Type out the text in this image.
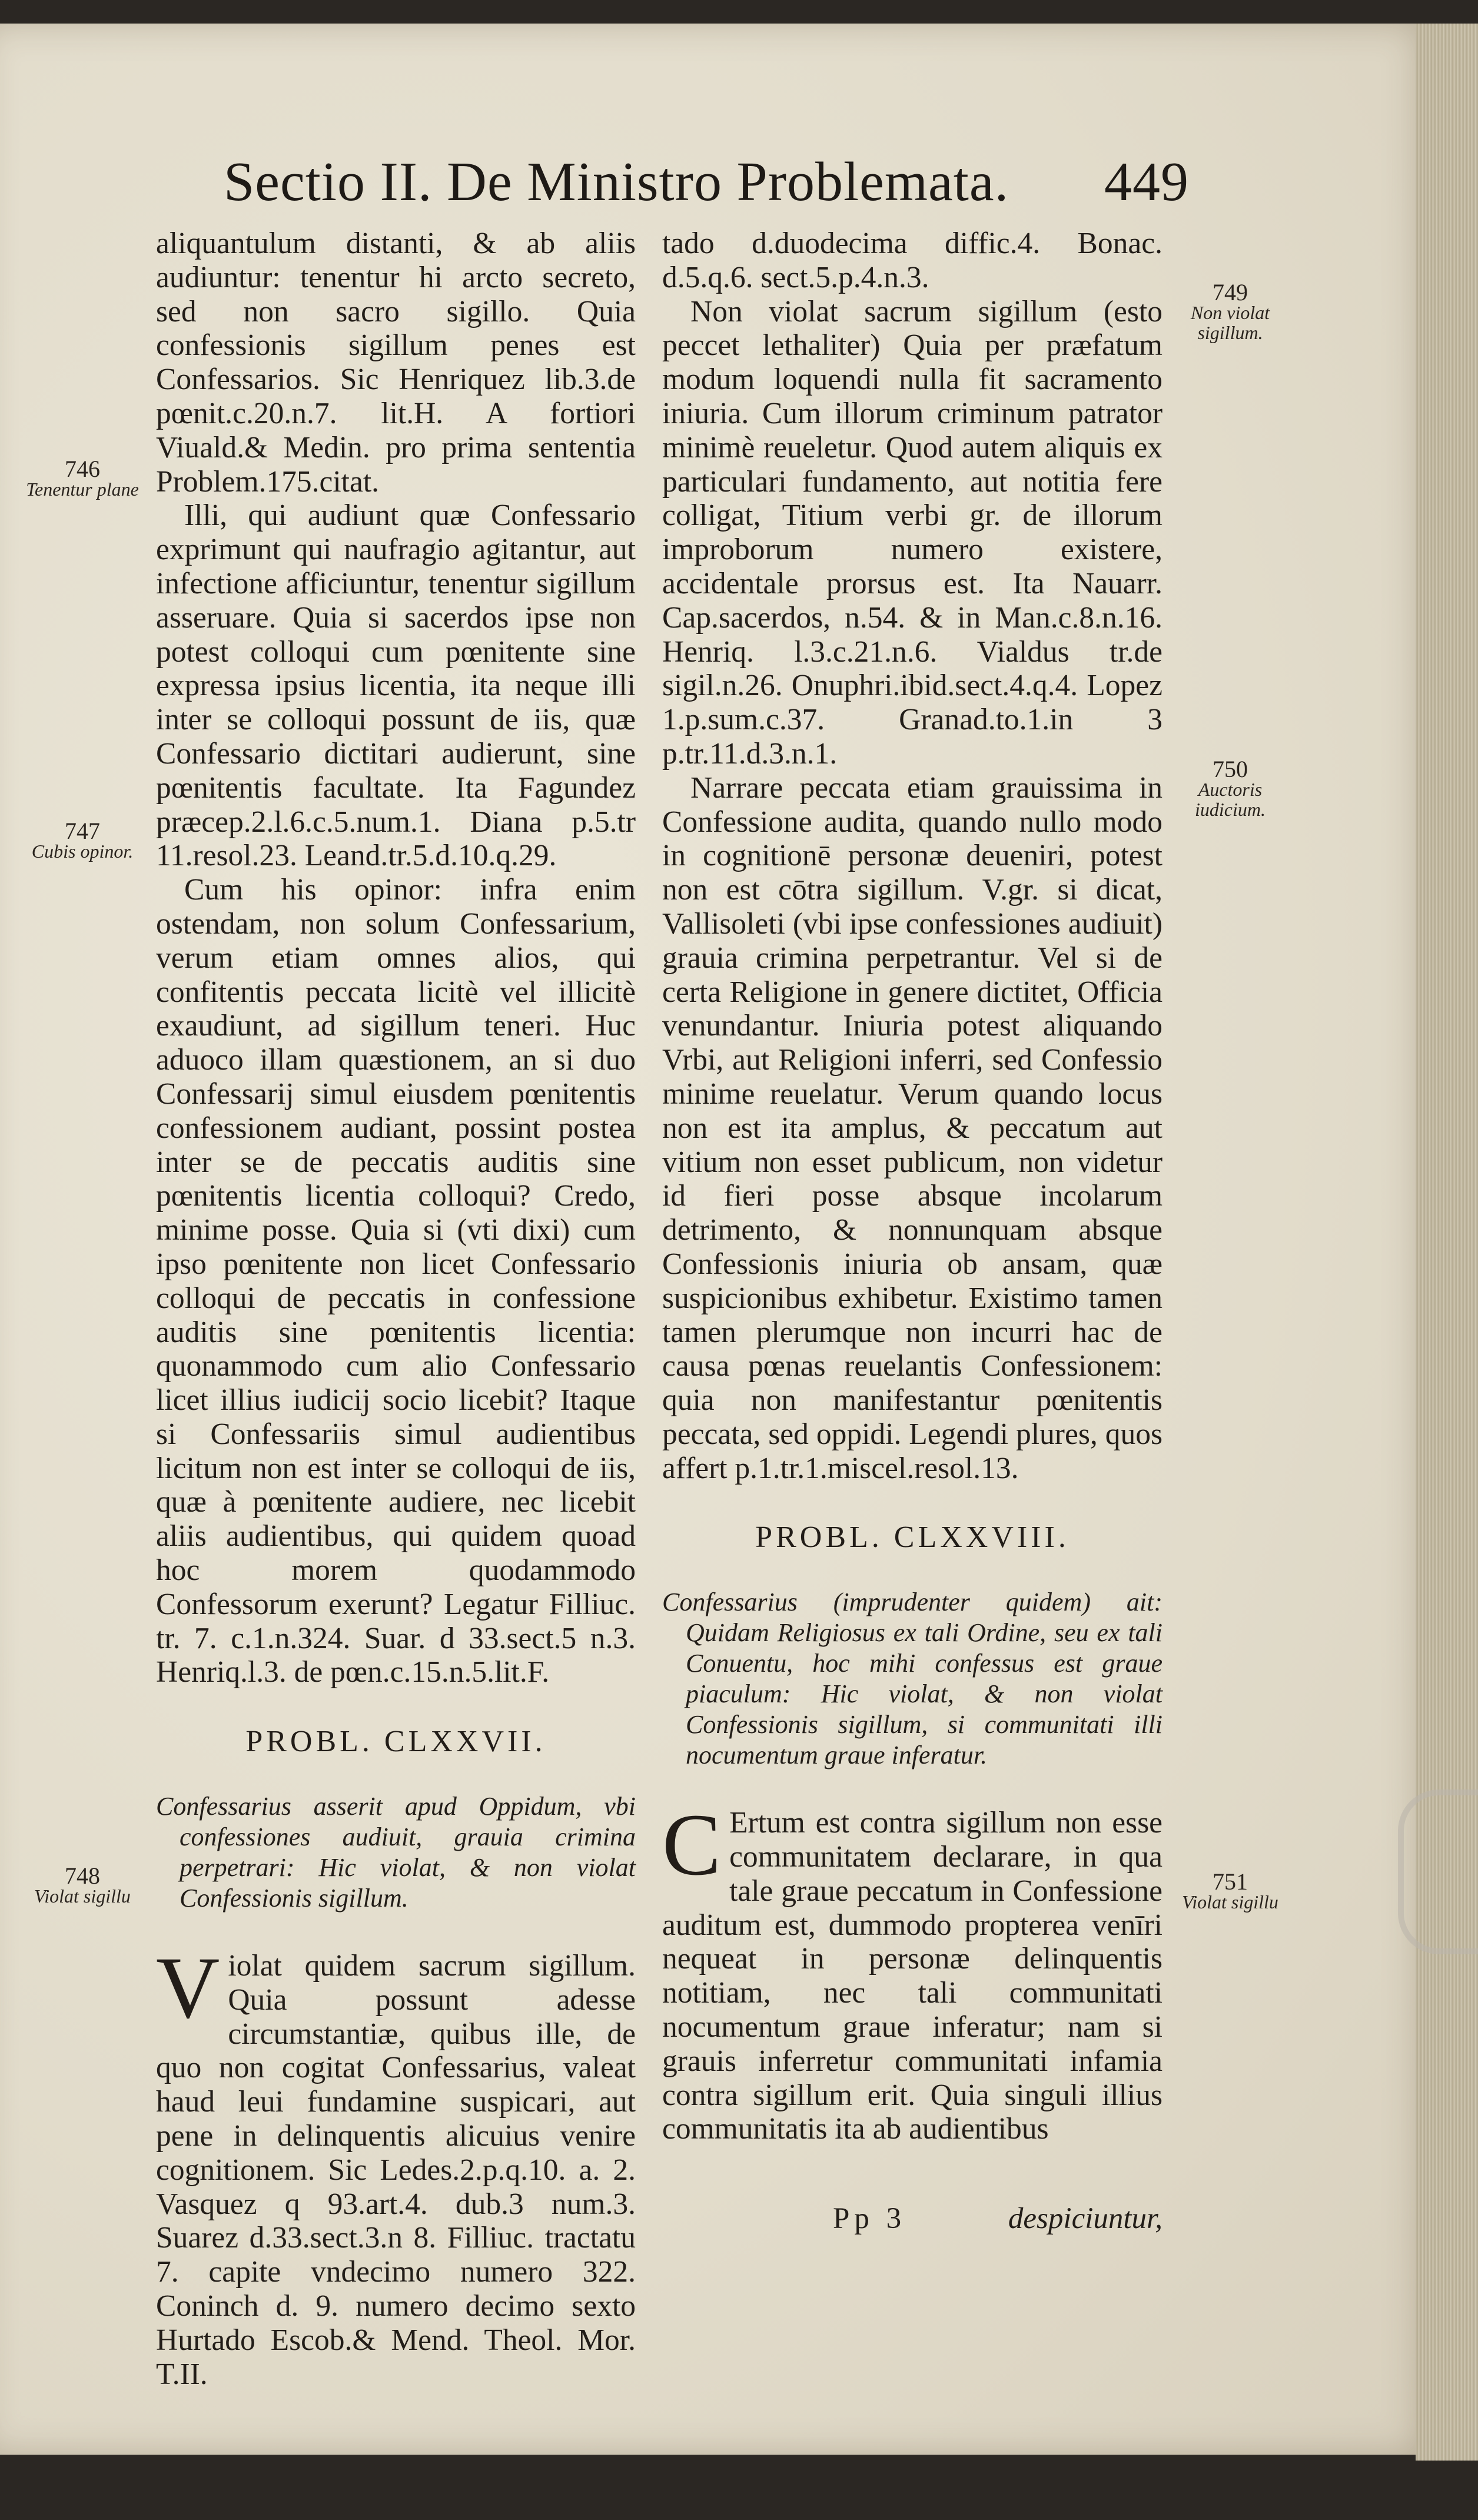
Sectio II. De Ministro Problemata. 449
746
Tenentur plane
747
Cubis opinor.
748
Violat sigillu
749
Non violat sigillum.
750
Auctoris iudicium.
751
Violat sigillu

aliquantulum distanti, & ab aliis audiuntur: tenentur hi arcto secreto, sed non sacro sigillo. Quia confessionis sigillum penes est Confessarios. Sic Henriquez lib.3.de pœnit.c.20.n.7. lit.H. A fortiori Viuald.& Medin. pro prima sententia Problem.175.citat.

Illi, qui audiunt quæ Confessario exprimunt qui naufragio agitantur, aut infectione afficiuntur, tenentur sigillum asseruare. Quia si sacerdos ipse non potest colloqui cum pœnitente sine expressa ipsius licentia, ita neque illi inter se colloqui possunt de iis, quæ Confessario dictitari audierunt, sine pœnitentis facultate. Ita Fagundez præcep.2.l.6.c.5.num.1. Diana p.5.tr 11.resol.23. Leand.tr.5.d.10.q.29.

Cum his opinor: infra enim ostendam, non solum Confessarium, verum etiam omnes alios, qui confitentis peccata licitè vel illicitè exaudiunt, ad sigillum teneri. Huc aduoco illam quæstionem, an si duo Confessarij simul eiusdem pœnitentis confessionem audiant, possint postea inter se de peccatis auditis sine pœnitentis licentia colloqui? Credo, minime posse. Quia si (vti dixi) cum ipso pœnitente non licet Confessario colloqui de peccatis in confessione auditis sine pœnitentis licentia: quonammodo cum alio Confessario licet illius iudicij socio licebit? Itaque si Confessariis simul audientibus licitum non est inter se colloqui de iis, quæ à pœnitente audiere, nec licebit aliis audientibus, qui quidem quoad hoc morem quodammodo Confessorum exerunt? Legatur Filliuc. tr. 7. c.1.n.324. Suar. d 33.sect.5 n.3. Henriq.l.3. de pœn.c.15.n.5.lit.F.

PROBL. CLXXVII.

Confessarius asserit apud Oppidum, vbi confessiones audiuit, grauia crimina perpetrari: Hic violat, & non violat Confessionis sigillum.

Violat quidem sacrum sigillum. Quia possunt adesse circumstantiæ, quibus ille, de quo non cogitat Confessarius, valeat haud leui fundamine suspicari, aut pene in delinquentis alicuius venire cognitionem. Sic Ledes.2.p.q.10. a. 2. Vasquez q 93.art.4. dub.3 num.3. Suarez d.33.sect.3.n 8. Filliuc. tractatu 7. capite vndecimo numero 322. Coninch d. 9. numero decimo sexto Hurtado Escob.& Mend. Theol. Mor. T.II.

tado d.duodecima diffic.4. Bonac. d.5.q.6. sect.5.p.4.n.3.

Non violat sacrum sigillum (esto peccet lethaliter) Quia per præfatum modum loquendi nulla fit sacramento iniuria. Cum illorum criminum patrator minimè reueletur. Quod autem aliquis ex particulari fundamento, aut notitia fere colligat, Titium verbi gr. de illorum improborum numero existere, accidentale prorsus est. Ita Nauarr. Cap.sacerdos, n.54. & in Man.c.8.n.16. Henriq. l.3.c.21.n.6. Vialdus tr.de sigil.n.26. Onuphri.ibid.sect.4.q.4. Lopez 1.p.sum.c.37. Granad.to.1.in 3 p.tr.11.d.3.n.1.

Narrare peccata etiam grauissima in Confessione audita, quando nullo modo in cognitionē personæ deueniri, potest non est cōtra sigillum. V.gr. si dicat, Vallisoleti (vbi ipse confessiones audiuit) grauia crimina perpetrantur. Vel si de certa Religione in genere dictitet, Officia venundantur. Iniuria potest aliquando Vrbi, aut Religioni inferri, sed Confessio minime reuelatur. Verum quando locus non est ita amplus, & peccatum aut vitium non esset publicum, non videtur id fieri posse absque incolarum detrimento, & nonnunquam absque Confessionis iniuria ob ansam, quæ suspicionibus exhibetur. Existimo tamen tamen plerumque non incurri hac de causa pœnas reuelantis Confessionem: quia non manifestantur pœnitentis peccata, sed oppidi. Legendi plures, quos affert p.1.tr.1.miscel.resol.13.

PROBL. CLXXVIII.

Confessarius (imprudenter quidem) ait: Quidam Religiosus ex tali Ordine, seu ex tali Conuentu, hoc mihi confessus est graue piaculum: Hic violat, & non violat Confessionis sigillum, si communitati illi nocumentum graue inferatur.

C Ertum est contra sigillum non esse communitatem declarare, in qua tale graue peccatum in Confessione auditum est, dummodo propterea venīri nequeat in personæ delinquentis notitiam, nec tali communitati nocumentum graue inferatur; nam si grauis inferretur communitati infamia contra sigillum erit. Quia singuli illius communitatis ita ab audientibus

Pp 3	despiciuntur,
